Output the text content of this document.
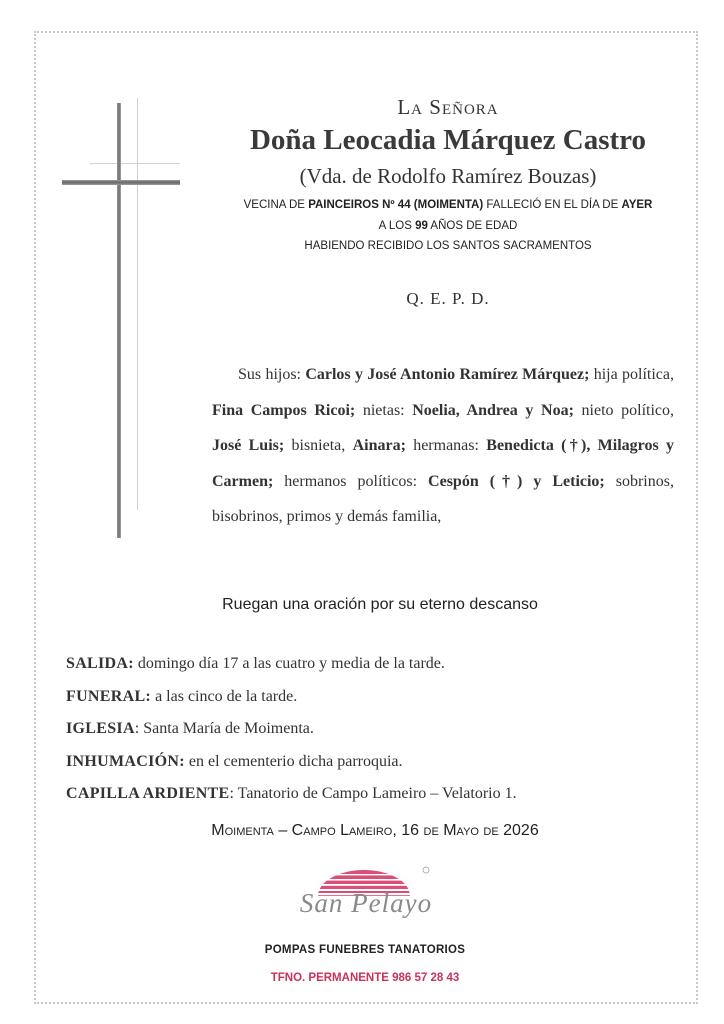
La Señora
Doña Leocadia Márquez Castro
(Vda. de Rodolfo Ramírez Bouzas)
VECINA DE PAINCEIROS Nº 44 (MOIMENTA) FALLECIÓ EN EL DÍA DE AYER
A LOS 99 AÑOS DE EDAD
HABIENDO RECIBIDO LOS SANTOS SACRAMENTOS
Q. E. P. D.
Sus hijos: Carlos y José Antonio Ramírez Márquez; hija política, Fina Campos Ricoi; nietas: Noelia, Andrea y Noa; nieto político, José Luis; bisnieta, Ainara; hermanas: Benedicta (†), Milagros y Carmen; hermanos políticos: Cespón (†) y Leticio; sobrinos, bisobrinos, primos y demás familia,
Ruegan una oración por su eterno descanso
SALIDA: domingo día 17 a las cuatro y media de la tarde.
FUNERAL: a las cinco de la tarde.
IGLESIA: Santa María de Moimenta.
INHUMACIÓN: en el cementerio dicha parroquia.
CAPILLA ARDIENTE: Tanatorio de Campo Lameiro – Velatorio 1.
Moimenta – Campo Lameiro, 16 de Mayo de 2026
San Pelayo
POMPAS FUNEBRES TANATORIOS
TFNO. PERMANENTE 986 57 28 43
